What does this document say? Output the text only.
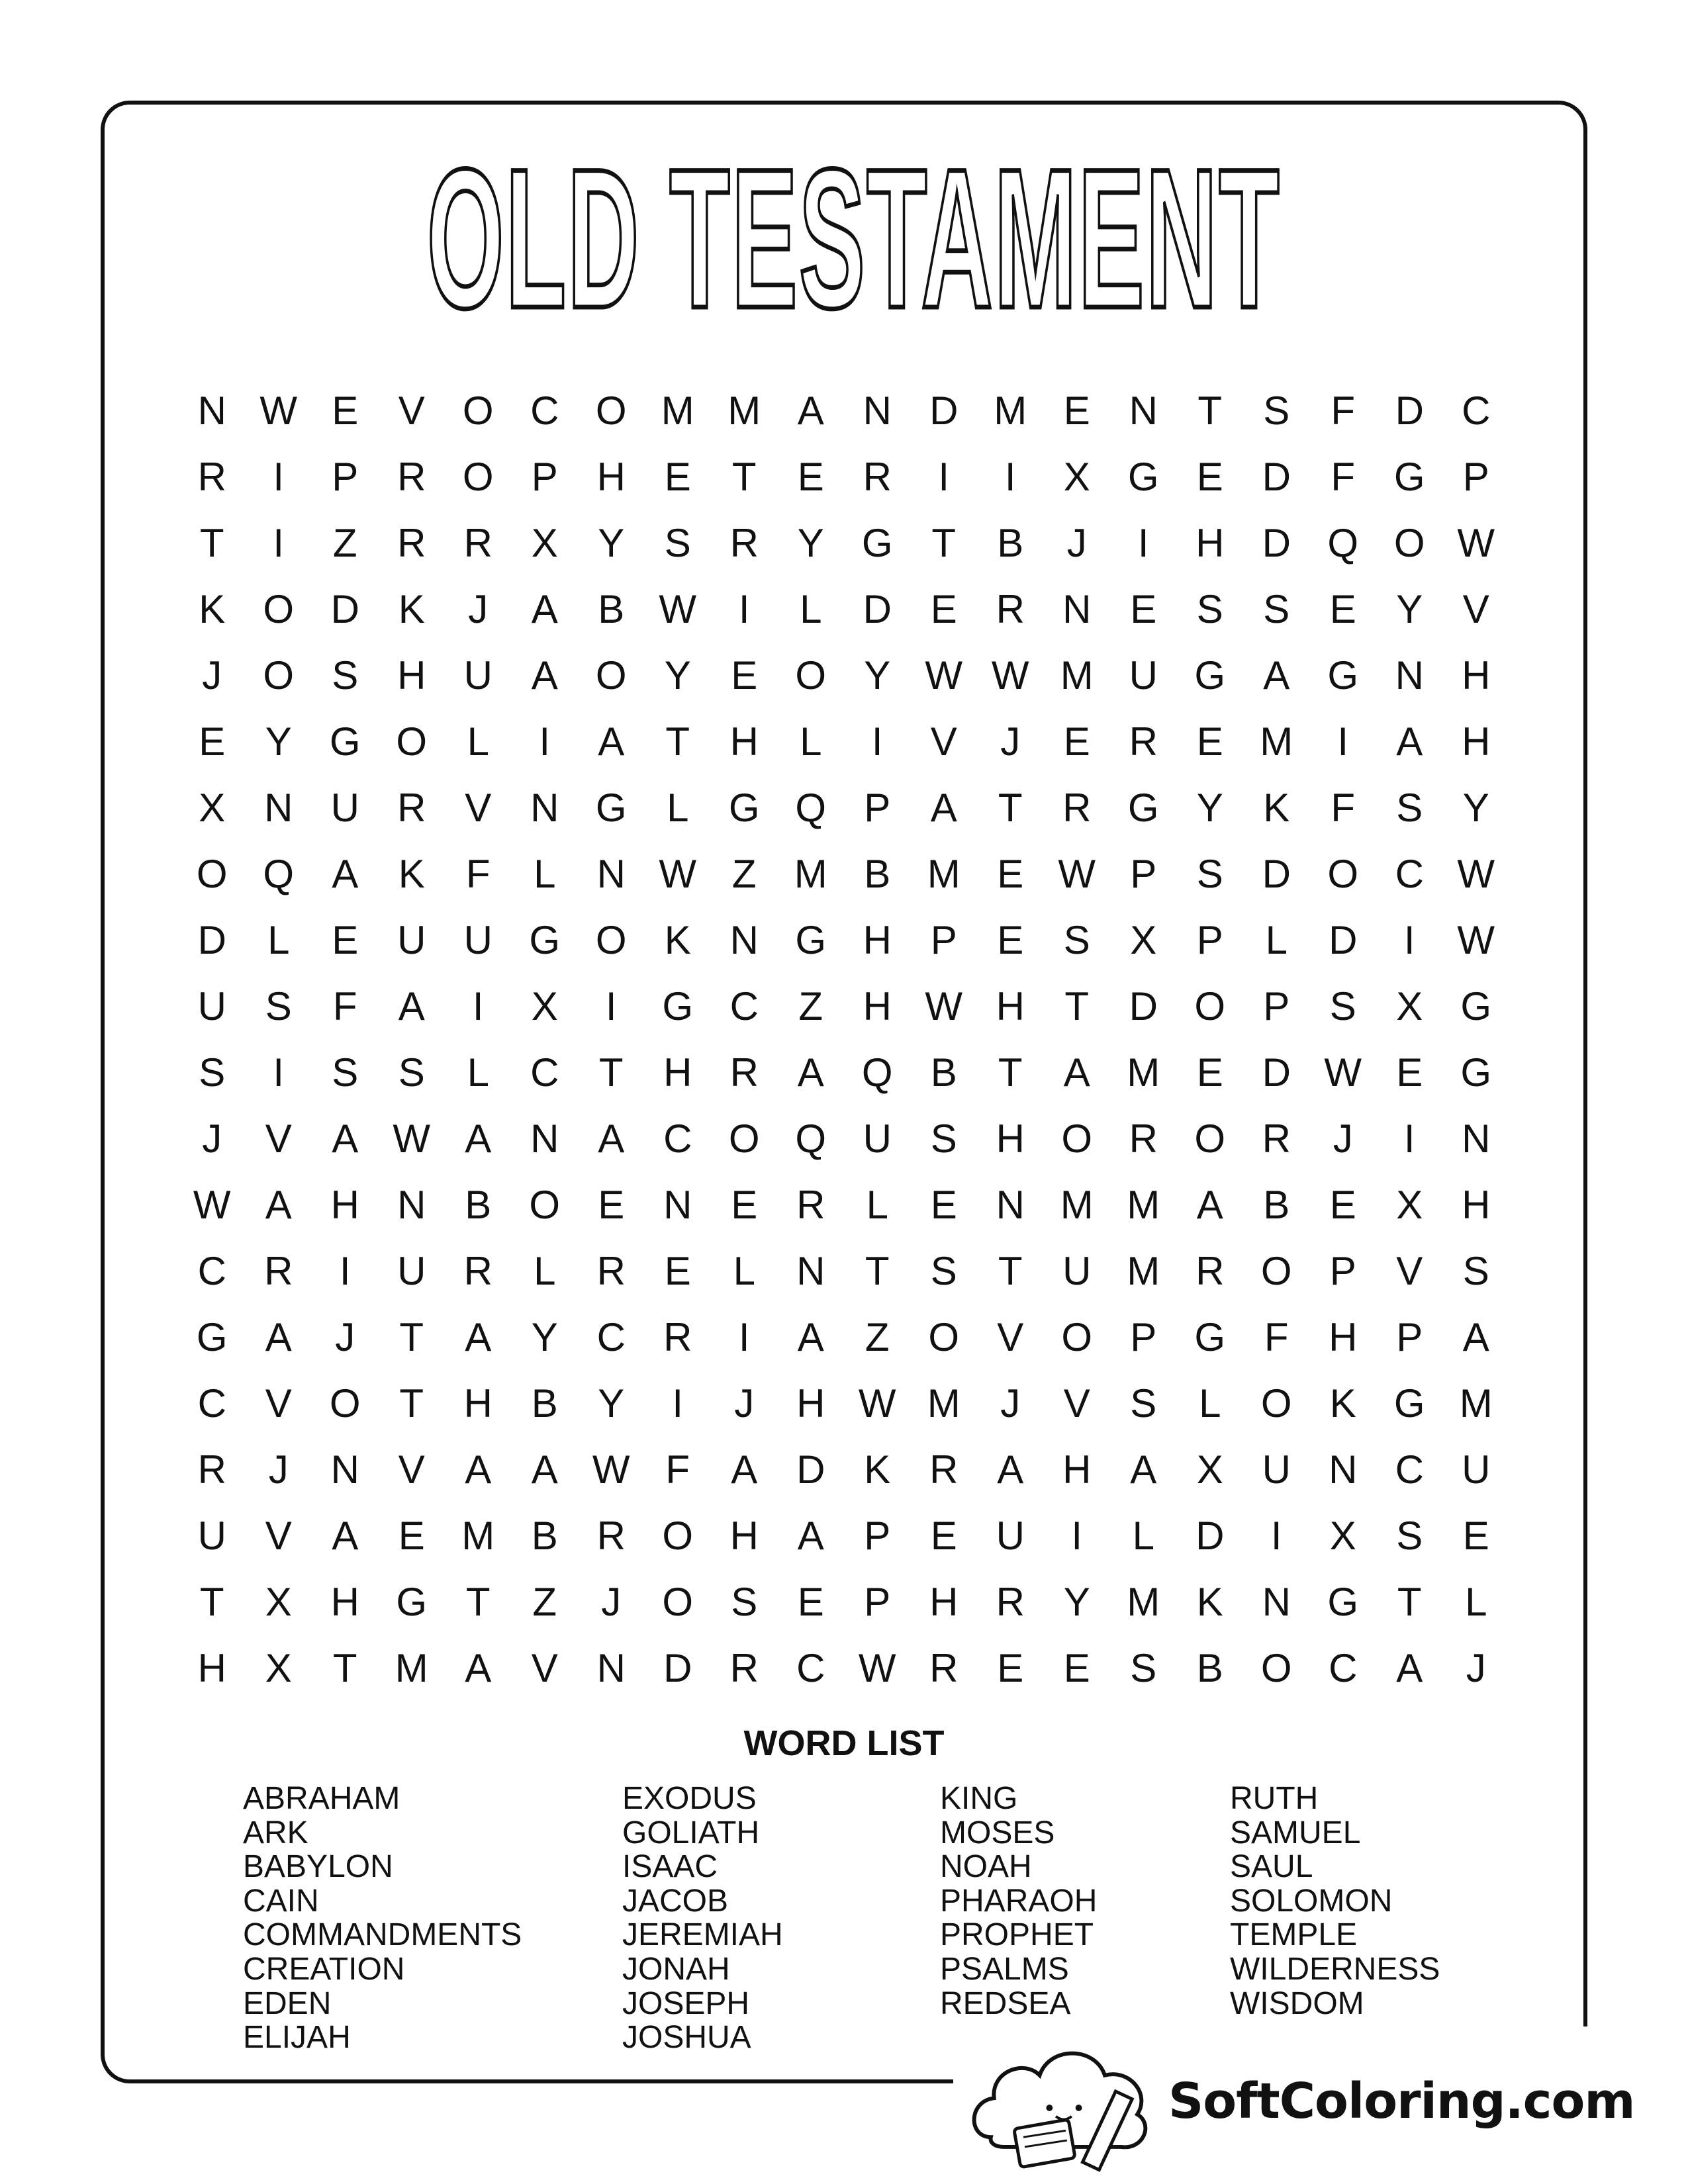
OLD TESTAMENT
N W E	V O C O M M A N D M E N	T	S	F	D C
R	I	P R O P H E	T	E R	I	I	X G E D	F G P
T	I	Z	R R X	Y	S R Y G T	B	J	I	H D Q O W
K O D K	J	A	B W	I	L	D E R N E	S	S	E	Y	V
J	O S H U A O Y	E O Y W W M U G A G N H
E	Y G O	L	I	A	T	H	L	I	V	J	E R E M	I	A H
X N U R V N G	L	G Q P	A	T	R G Y	K	F	S	Y
O Q A	K	F	L	N W Z M B M E W P	S D O C W
D	L	E U U G O K N G H P	E	S	X	P	L	D	I	W
U S	F	A	I	X	I	G C	Z	H W H	T	D O P	S	X G
S	I	S	S	L	C	T	H R A Q B	T	A M E D W E G
J	V	A W A N A C O Q U S H O R O R	J	I	N
W A H N B O E N E R	L	E N M M A	B	E	X H
C R	I	U R	L	R E	L	N	T	S	T	U M R O P	V	S
G A	J	T	A	Y C R	I	A	Z O V O P G F	H P	A
C V O T	H B	Y	I	J	H W M	J	V	S	L	O K G M
R	J	N V	A	A W F	A D K R A H A	X U N C U
U V	A	E M B R O H A	P	E U	I	L	D	I	X	S	E
T	X H G T	Z	J	O S	E	P H R Y M K N G T	L
H X	T M A	V N D R C W R E	E	S	B O C A	J
WORD LIST
ABRAHAM
ARK
BABYLON
CAIN
COMMANDMENTS
CREATION
EDEN
ELIJAH
EXODUS
GOLIATH
ISAAC
JACOB
JEREMIAH
JONAH
JOSEPH
JOSHUA
KING
MOSES
NOAH
PHARAOH
PROPHET
PSALMS
REDSEA
RUTH
SAMUEL
SAUL
SOLOMON
TEMPLE
WILDERNESS
WISDOM
SoftColoring.com
